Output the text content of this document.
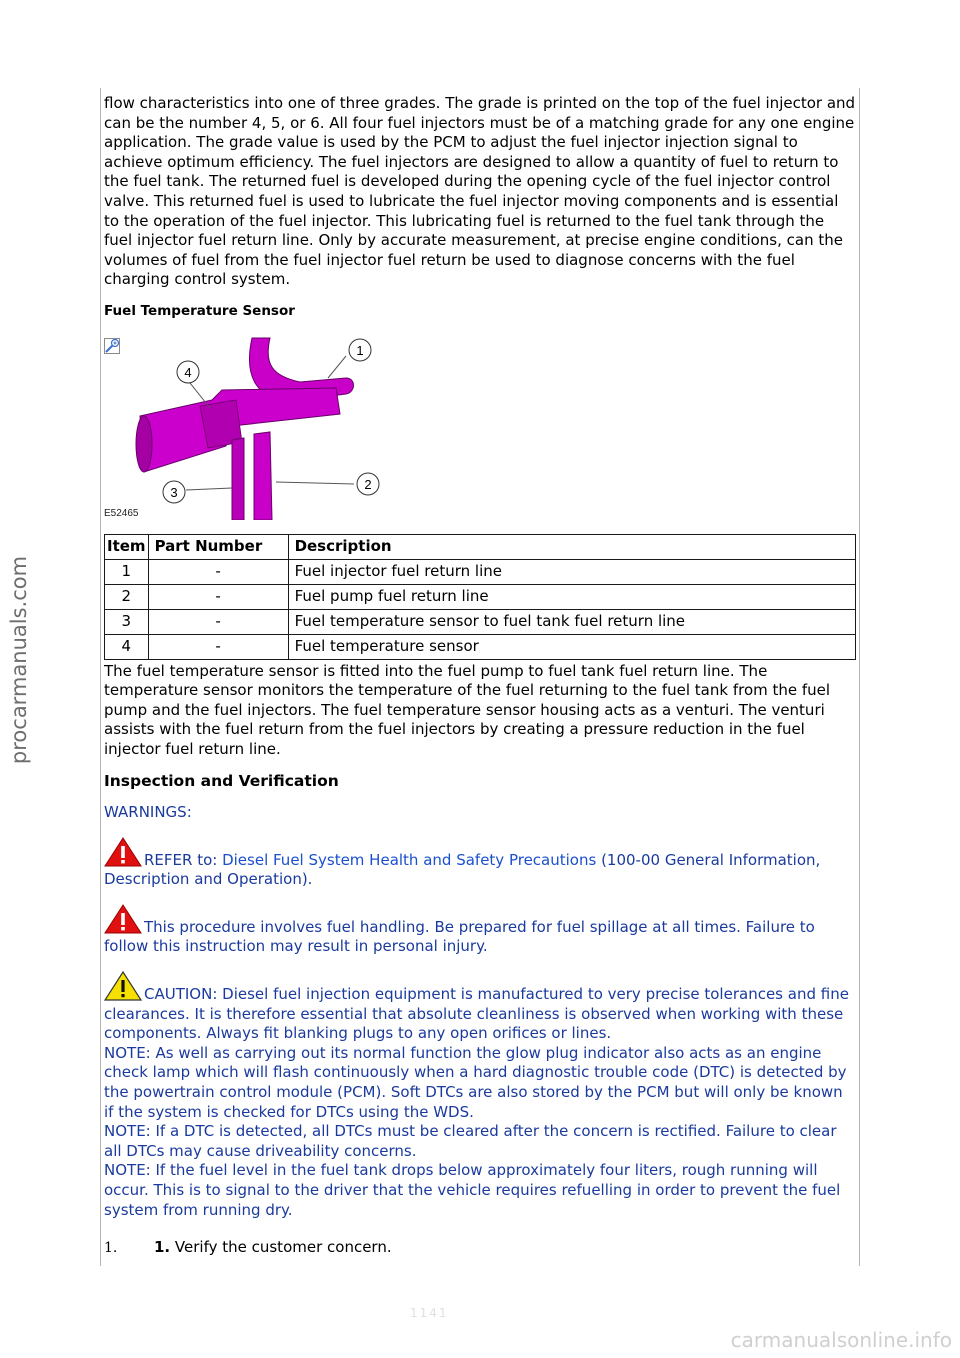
procarmanuals.com
carmanualsonline.info
1141

flow characteristics into one of three grades. The grade is printed on the top of the fuel injector and can be the number 4, 5, or 6. All four fuel injectors must be of a matching grade for any one engine application. The grade value is used by the PCM to adjust the fuel injector injection signal to achieve optimum efficiency. The fuel injectors are designed to allow a quantity of fuel to return to the fuel tank. The returned fuel is developed during the opening cycle of the fuel injector control valve. This returned fuel is used to lubricate the fuel injector moving components and is essential to the operation of the fuel injector. This lubricating fuel is returned to the fuel tank through the fuel injector fuel return line. Only by accurate measurement, at precise engine conditions, can the volumes of fuel from the fuel injector fuel return be used to diagnose concerns with the fuel charging control system.

Fuel Temperature Sensor
1
2
3
4
E52465
Item	Part Number	Description
1	-	Fuel injector fuel return line
2	-	Fuel pump fuel return line
3	-	Fuel temperature sensor to fuel tank fuel return line
4	-	Fuel temperature sensor

The fuel temperature sensor is fitted into the fuel pump to fuel tank fuel return line. The temperature sensor monitors the temperature of the fuel returning to the fuel tank from the fuel pump and the fuel injectors. The fuel temperature sensor housing acts as a venturi. The venturi assists with the fuel return from the fuel injectors by creating a pressure reduction in the fuel injector fuel return line.

Inspection and Verification

WARNINGS:

REFER to: Diesel Fuel System Health and Safety Precautions (100-00 General Information, Description and Operation).

This procedure involves fuel handling. Be prepared for fuel spillage at all times. Failure to follow this instruction may result in personal injury.

CAUTION: Diesel fuel injection equipment is manufactured to very precise tolerances and fine clearances. It is therefore essential that absolute cleanliness is observed when working with these components. Always fit blanking plugs to any open orifices or lines.

NOTE: As well as carrying out its normal function the glow plug indicator also acts as an engine check lamp which will flash continuously when a hard diagnostic trouble code (DTC) is detected by the powertrain control module (PCM). Soft DTCs are also stored by the PCM but will only be known if the system is checked for DTCs using the WDS.

NOTE: If a DTC is detected, all DTCs must be cleared after the concern is rectified. Failure to clear all DTCs may cause driveability concerns.

NOTE: If the fuel level in the fuel tank drops below approximately four liters, rough running will occur. This is to signal to the driver that the vehicle requires refuelling in order to prevent the fuel system from running dry.

1. 1. Verify the customer concern.
